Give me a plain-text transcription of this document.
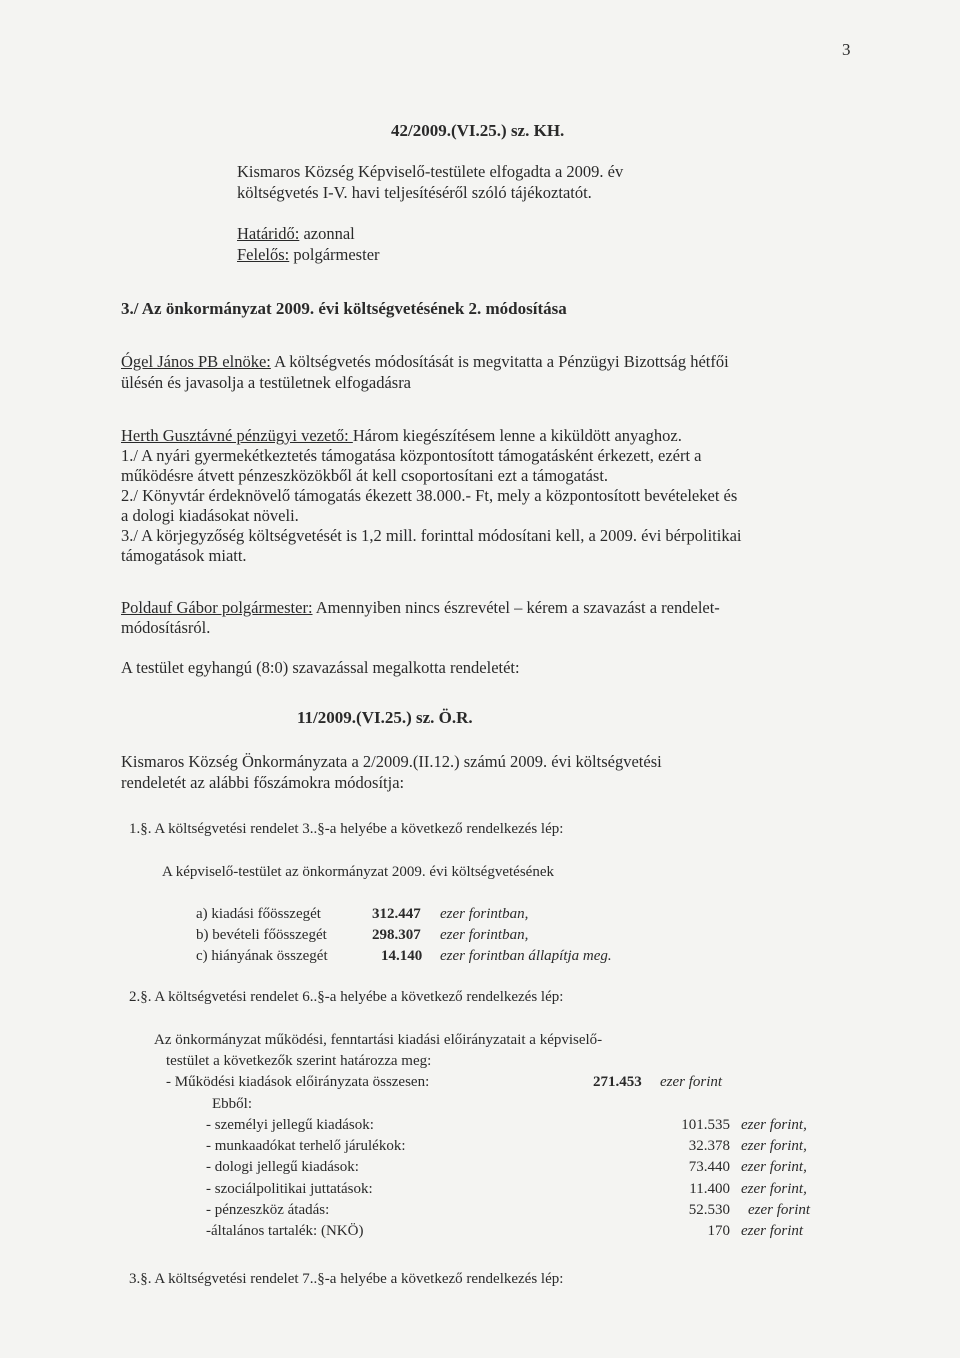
3
42/2009.(VI.25.) sz. KH.
Kismaros Község Képviselő-testülete elfogadta a 2009. év
költségvetés I-V. havi teljesítéséről szóló tájékoztatót.
Határidő: azonnal
Felelős: polgármester
3./ Az önkormányzat 2009. évi költségvetésének 2. módosítása
Ógel János PB elnöke: A költségvetés módosítását is megvitatta a Pénzügyi Bizottság hétfői
ülésén és javasolja a testületnek elfogadásra
Herth Gusztávné pénzügyi vezető: Három kiegészítésem lenne a kiküldött anyaghoz.
1./ A nyári gyermekétkeztetés támogatása központosított támogatásként érkezett, ezért a
működésre átvett pénzeszközökből át kell csoportosítani ezt a támogatást.
2./ Könyvtár érdeknövelő támogatás ékezett 38.000.- Ft, mely a központosított bevételeket és
a dologi kiadásokat növeli.
3./ A körjegyzőség költségvetését is 1,2 mill. forinttal módosítani kell, a 2009. évi bérpolitikai
támogatások miatt.
Poldauf Gábor polgármester: Amennyiben nincs észrevétel – kérem a szavazást a rendelet-
módosításról.
A testület egyhangú (8:0) szavazással megalkotta rendeletét:
11/2009.(VI.25.) sz. Ö.R.
Kismaros Község Önkormányzata a 2/2009.(II.12.) számú 2009. évi költségvetési
rendeletét az alábbi főszámokra módosítja:
1.§. A költségvetési rendelet 3..§-a helyébe a következő rendelkezés lép:
A képviselő-testület az önkormányzat 2009. évi költségvetésének
a) kiadási főösszegét	312.447 ezer forintban,
b) bevételi főösszegét	298.307 ezer forintban,
c) hiányának összegét	14.140 ezer forintban állapítja meg.
2.§. A költségvetési rendelet 6..§-a helyébe a következő rendelkezés lép:
Az önkormányzat működési, fenntartási kiadási előirányzatait a képviselő-
testület a következők szerint határozza meg:
- Működési kiadások előirányzata összesen:	271.453 ezer forint
Ebből:
- személyi jellegű kiadások:	101.535 ezer forint,
- munkaadókat terhelő járulékok:	32.378 ezer forint,
- dologi jellegű kiadások:	73.440 ezer forint,
- szociálpolitikai juttatások:	11.400 ezer forint,
- pénzeszköz átadás:	52.530 ezer forint
-általános tartalék: (NKÖ)	170 ezer forint
3.§. A költségvetési rendelet 7..§-a helyébe a következő rendelkezés lép:
